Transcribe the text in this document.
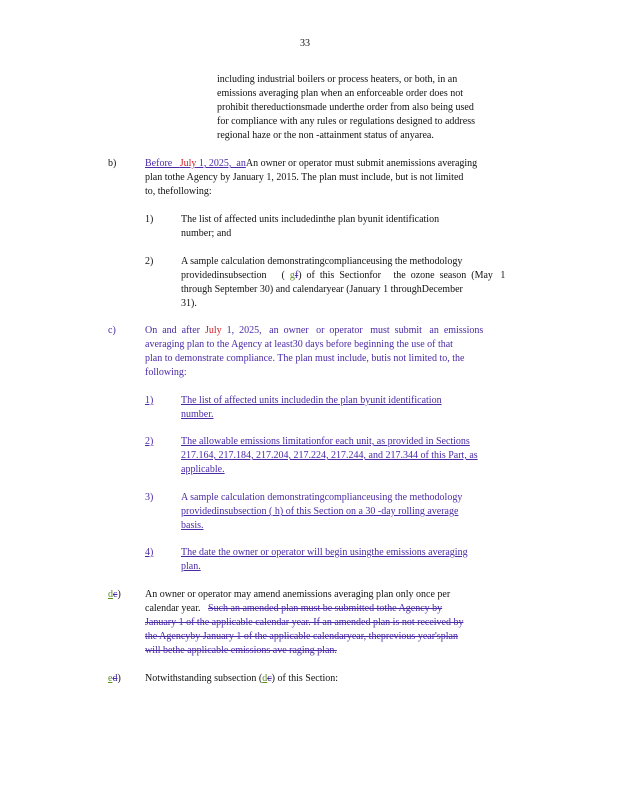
33
including industrial boilers or process heaters, or both, in an
emissions averaging plan when an enforceable order does not
prohibit thereductionsmade underthe order from also being used
for compliance with any rules or regulations designed to address
regional haze or the non -attainment status of anyarea.
b)	Before   July 1, 2025,  anAn owner or operator must submit anemissions averaging
plan tothe Agency by January 1, 2015. The plan must include, but is not limited
to, thefollowing:
1)	The list of affected units includedinthe plan byunit identification
number; and
2)	A sample calculation demonstratingcomplianceusing the methodology
providedinsubsection      (  gf)  of  this  Sectionfor     the  ozone  season  (May   1
through September 30) and calendaryear (January 1 throughDecember
31).
c)	On  and  after  July  1,  2025,   an  owner   or  operator   must  submit   an  emissions
averaging plan to the Agency at least30 days before beginning the use of that
plan to demonstrate compliance. The plan must include, butis not limited to, the
following:
1)	The list of affected units includedin the plan byunit identification
number.
2)	The allowable emissions limitationfor each unit, as provided in Sections
217.164, 217.184, 217.204, 217.224, 217.244, and 217.344 of this Part, as
applicable.
3)	A sample calculation demonstratingcomplianceusing the methodology
providedinsubsection ( h) of this Section on a 30 -day rolling average
basis.
4)	The date the owner or operator will begin usingthe emissions averaging
plan.
dc) An owner or operator may amend anemissions averaging plan only once per
calendar year. Such an amended plan must be submitted tothe Agency by
January 1 of the applicable calendar year. If an amended plan is not received by
the Agencyby January 1 of the applicable calendaryear, theprevious year'splan
will bethe applicable emissions ave raging plan.
ed) Notwithstanding subsection (dc) of this Section:
